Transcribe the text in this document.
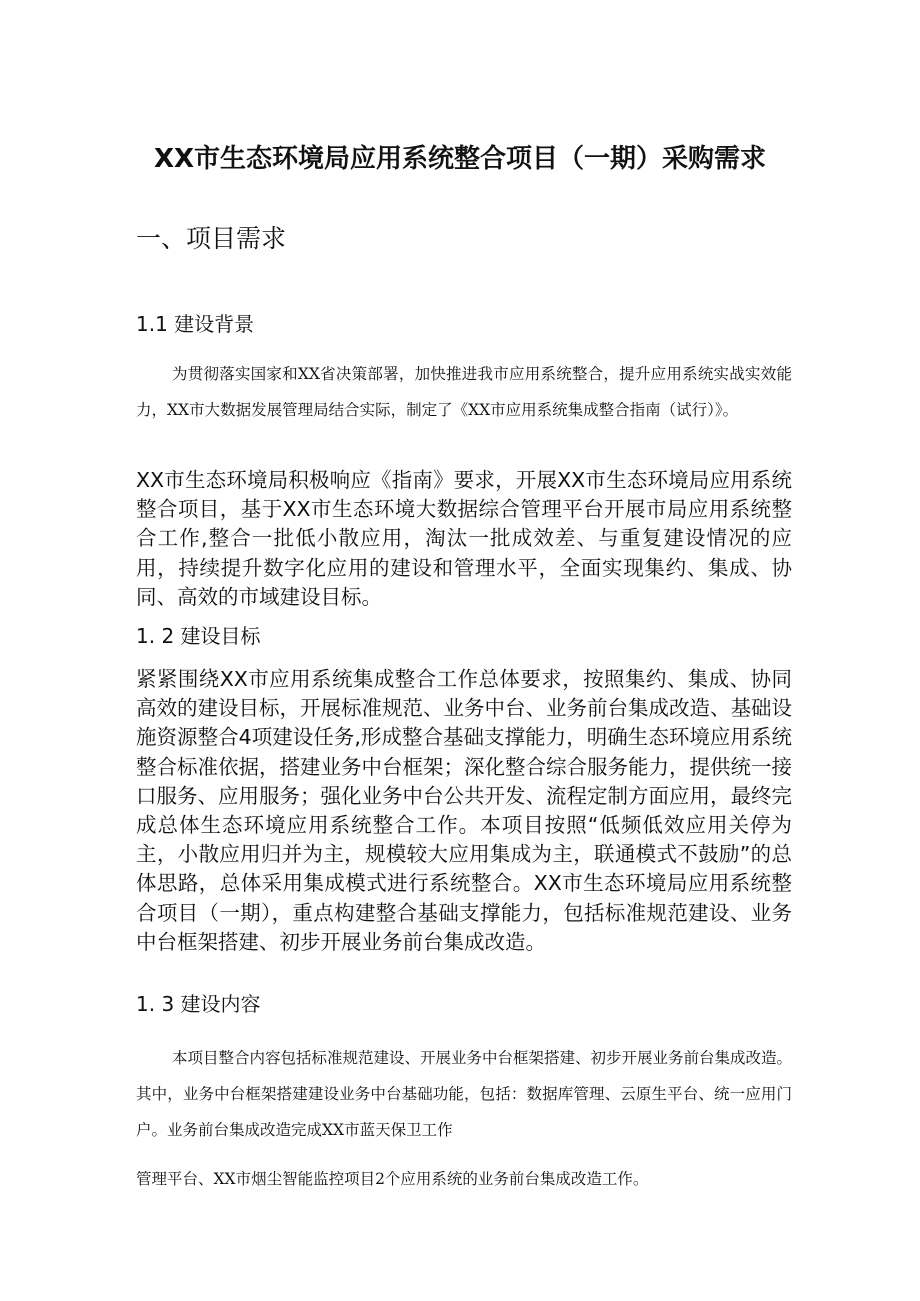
XX市生态环境局应用系统整合项目（一期）采购需求
一、项目需求
1.1 建设背景
为贯彻落实国家和XX省决策部署，加快推进我市应用系统整合，提升应用系统实战实效能力，XX市大数据发展管理局结合实际，制定了《XX市应用系统集成整合指南（试行）》。
XX市生态环境局积极响应《指南》要求，开展XX市生态环境局应用系统整合项目，基于XX市生态环境大数据综合管理平台开展市局应用系统整合工作,整合一批低小散应用，淘汰一批成效差、与重复建设情况的应用，持续提升数字化应用的建设和管理水平，全面实现集约、集成、协同、高效的市域建设目标。
1. 2 建设目标
紧紧围绕XX市应用系统集成整合工作总体要求，按照集约、集成、协同高效的建设目标，开展标准规范、业务中台、业务前台集成改造、基础设施资源整合4项建设任务,形成整合基础支撑能力，明确生态环境应用系统整合标准依据，搭建业务中台框架；深化整合综合服务能力，提供统一接口服务、应用服务；强化业务中台公共开发、流程定制方面应用，最终完成总体生态环境应用系统整合工作。本项目按照“低频低效应用关停为主，小散应用归并为主，规模较大应用集成为主，联通模式不鼓励”的总体思路，总体采用集成模式进行系统整合。XX市生态环境局应用系统整合项目（一期），重点构建整合基础支撑能力，包括标准规范建设、业务中台框架搭建、初步开展业务前台集成改造。
1. 3 建设内容
本项目整合内容包括标准规范建设、开展业务中台框架搭建、初步开展业务前台集成改造。其中，业务中台框架搭建建设业务中台基础功能，包括：数据库管理、云原生平台、统一应用门户。业务前台集成改造完成XX市蓝天保卫工作
管理平台、XX市烟尘智能监控项目2个应用系统的业务前台集成改造工作。
